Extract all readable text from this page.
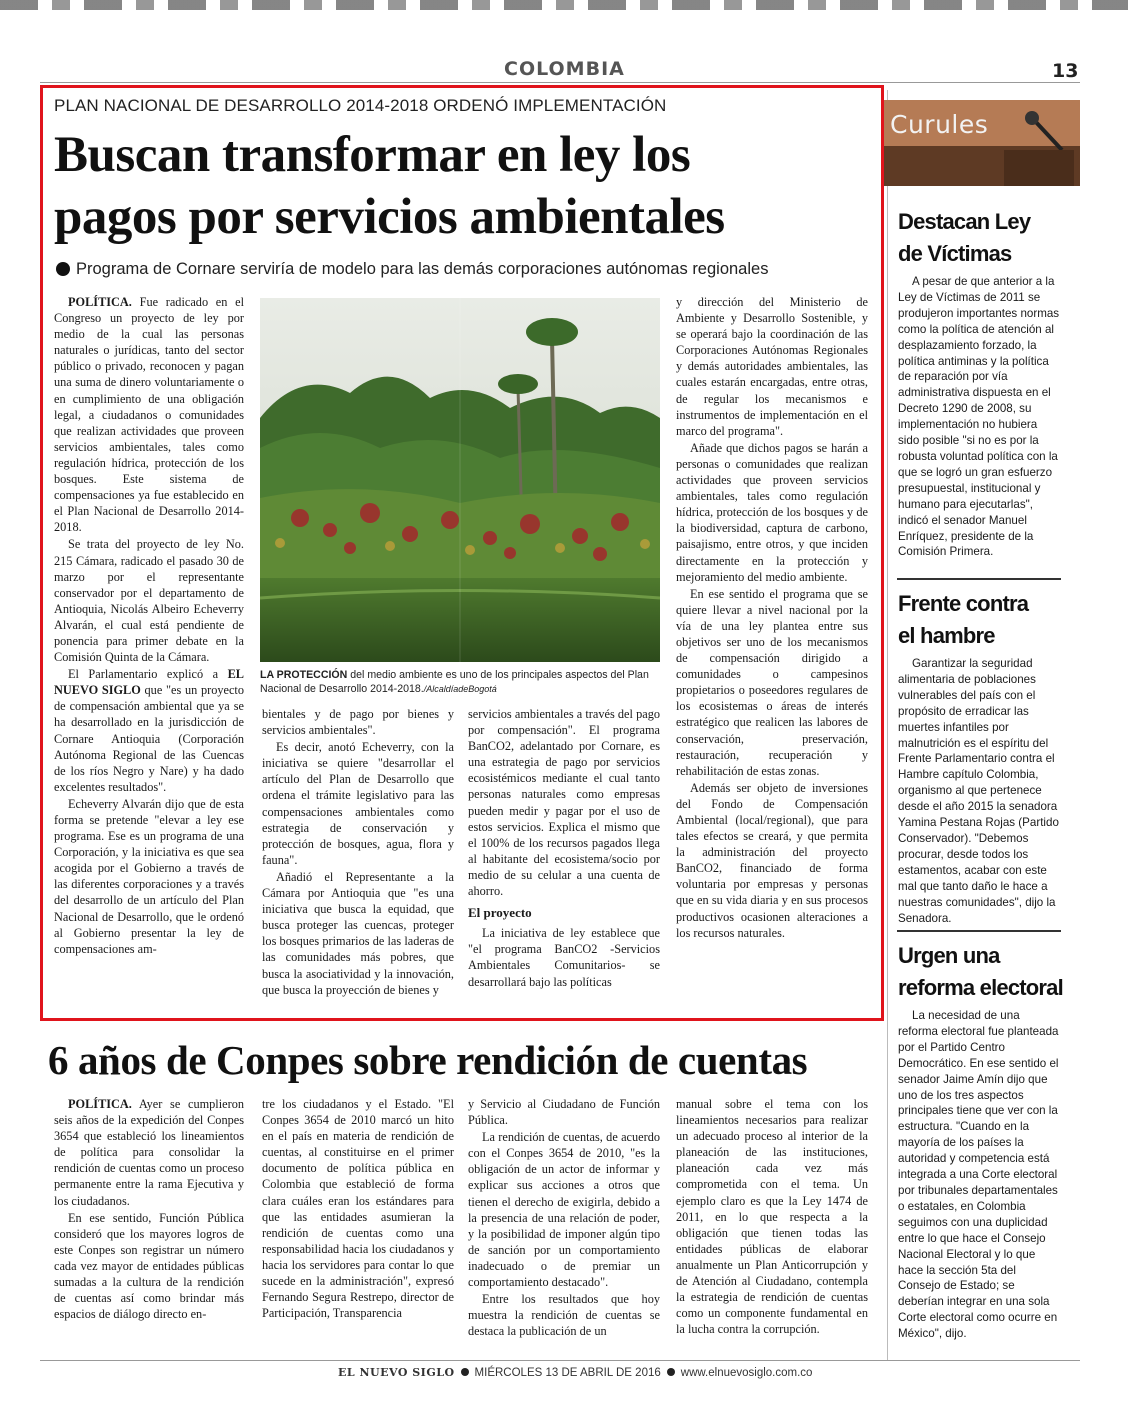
COLOMBIA	13
PLAN NACIONAL DE DESARROLLO 2014-2018 ORDENÓ IMPLEMENTACIÓN
Buscan transformar en ley los
pagos por servicios ambientales
Programa de Cornare serviría de modelo para las demás corporaciones autónomas regionales

POLÍTICA. Fue radicado en el Congreso un proyecto de ley por medio de la cual las personas naturales o jurídicas, tanto del sector público o privado, reconocen y pagan una suma de dinero voluntariamente o en cumplimiento de una obligación legal, a ciudadanos o comunidades que realizan actividades que proveen servicios ambientales, tales como regulación hídrica, protección de los bosques. Este sistema de compensaciones ya fue establecido en el Plan Nacional de Desarrollo 2014-2018.

Se trata del proyecto de ley No. 215 Cámara, radicado el pasado 30 de marzo por el representante conservador por el departamento de Antioquia, Nicolás Albeiro Echeverry Alvarán, el cual está pendiente de ponencia para primer debate en la Comisión Quinta de la Cámara.

El Parlamentario explicó a EL NUEVO SIGLO que "es un proyecto de compensación ambiental que ya se ha desarrollado en la jurisdicción de Cornare Antioquia (Corporación Autónoma Regional de las Cuencas de los ríos Negro y Nare) y ha dado excelentes resultados".

Echeverry Alvarán dijo que de esta forma se pretende "elevar a ley ese programa. Ese es un programa de una Corporación, y la iniciativa es que sea acogida por el Gobierno a través de las diferentes corporaciones y a través del desarrollo de un artículo del Plan Nacional de Desarrollo, que le ordenó al Gobierno presentar la ley de compensaciones am-

LA PROTECCIÓN del medio ambiente es uno de los principales aspectos del Plan Nacional de Desarrollo 2014-2018./AlcaldíadeBogotá

bientales y de pago por bienes y servicios ambientales".

Es decir, anotó Echeverry, con la iniciativa se quiere "desarrollar el artículo del Plan de Desarrollo que ordena el trámite legislativo para las compensaciones ambientales como estrategia de conservación y protección de bosques, agua, flora y fauna".

Añadió el Representante a la Cámara por Antioquia que "es una iniciativa que busca la equidad, que busca proteger las cuencas, proteger los bosques primarios de las laderas de las comunidades más pobres, que busca la asociatividad y la innovación, que busca la proyección de bienes y

servicios ambientales a través del pago por compensación". El programa BanCO2, adelantado por Cornare, es una estrategia de pago por servicios ecosistémicos mediante el cual tanto personas naturales como empresas pueden medir y pagar por el uso de estos servicios. Explica el mismo que el 100% de los recursos pagados llega al habitante del ecosistema/socio por medio de su celular a una cuenta de ahorro.

El proyecto

La iniciativa de ley establece que "el programa BanCO2 -Servicios Ambientales Comunitarios- se desarrollará bajo las políticas

y dirección del Ministerio de Ambiente y Desarrollo Sostenible, y se operará bajo la coordinación de las Corporaciones Autónomas Regionales y demás autoridades ambientales, las cuales estarán encargadas, entre otras, de regular los mecanismos e instrumentos de implementación en el marco del programa".

Añade que dichos pagos se harán a personas o comunidades que realizan actividades que proveen servicios ambientales, tales como regulación hídrica, protección de los bosques y de la biodiversidad, captura de carbono, paisajismo, entre otros, y que inciden directamente en la protección y mejoramiento del medio ambiente.

En ese sentido el programa que se quiere llevar a nivel nacional por la vía de una ley plantea entre sus objetivos ser uno de los mecanismos de compensación dirigido a comunidades o campesinos propietarios o poseedores regulares de los ecosistemas o áreas de interés estratégico que realicen las labores de conservación, preservación, restauración, recuperación y rehabilitación de estas zonas.

Además ser objeto de inversiones del Fondo de Compensación Ambiental (local/regional), que para tales efectos se creará, y que permita la administración del proyecto BanCO2, financiado de forma voluntaria por empresas y personas que en su vida diaria y en sus procesos productivos ocasionen alteraciones a los recursos naturales.

6 años de Conpes sobre rendición de cuentas

POLÍTICA. Ayer se cumplieron seis años de la expedición del Conpes 3654 que estableció los lineamientos de política para consolidar la rendición de cuentas como un proceso permanente entre la rama Ejecutiva y los ciudadanos.

En ese sentido, Función Pública consideró que los mayores logros de este Conpes son registrar un número cada vez mayor de entidades públicas sumadas a la cultura de la rendición de cuentas así como brindar más espacios de diálogo directo en-

tre los ciudadanos y el Estado. "El Conpes 3654 de 2010 marcó un hito en el país en materia de rendición de cuentas, al constituirse en el primer documento de política pública en Colombia que estableció de forma clara cuáles eran los estándares para que las entidades asumieran la rendición de cuentas como una responsabilidad hacia los ciudadanos y hacia los servidores para contar lo que sucede en la administración", expresó Fernando Segura Restrepo, director de Participación, Transparencia

y Servicio al Ciudadano de Función Pública.

La rendición de cuentas, de acuerdo con el Conpes 3654 de 2010, "es la obligación de un actor de informar y explicar sus acciones a otros que tienen el derecho de exigirla, debido a la presencia de una relación de poder, y la posibilidad de imponer algún tipo de sanción por un comportamiento inadecuado o de premiar un comportamiento destacado".

Entre los resultados que hoy muestra la rendición de cuentas se destaca la publicación de un

manual sobre el tema con los lineamientos necesarios para realizar un adecuado proceso al interior de la planeación de las instituciones, planeación cada vez más comprometida con el tema. Un ejemplo claro es que la Ley 1474 de 2011, en lo que respecta a la obligación que tienen todas las entidades públicas de elaborar anualmente un Plan Anticorrupción y de Atención al Ciudadano, contempla la estrategia de rendición de cuentas como un componente fundamental en la lucha contra la corrupción.

Curules
Destacan Ley
de Víctimas

A pesar de que anterior a la Ley de Víctimas de 2011 se produjeron importantes normas como la política de atención al desplazamiento forzado, la política antiminas y la política de reparación por vía administrativa dispuesta en el Decreto 1290 de 2008, su implementación no hubiera sido posible "si no es por la robusta voluntad política con la que se logró un gran esfuerzo presupuestal, institucional y humano para ejecutarlas", indicó el senador Manuel Enríquez, presidente de la Comisión Primera.

Frente contra
el hambre

Garantizar la seguridad alimentaria de poblaciones vulnerables del país con el propósito de erradicar las muertes infantiles por malnutrición es el espíritu del Frente Parlamentario contra el Hambre capítulo Colombia, organismo al que pertenece desde el año 2015 la senadora Yamina Pestana Rojas (Partido Conservador). "Debemos procurar, desde todos los estamentos, acabar con este mal que tanto daño le hace a nuestras comunidades", dijo la Senadora.

Urgen una
reforma electoral

La necesidad de una reforma electoral fue planteada por el Partido Centro Democrático. En ese sentido el senador Jaime Amín dijo que uno de los tres aspectos principales tiene que ver con la estructura. "Cuando en la mayoría de los países la autoridad y competencia está integrada a una Corte electoral por tribunales departamentales o estatales, en Colombia seguimos con una duplicidad entre lo que hace el Consejo Nacional Electoral y lo que hace la sección 5ta del Consejo de Estado; se deberían integrar en una sola Corte electoral como ocurre en México", dijo.

EL NUEVO SIGLO MIÉRCOLES 13 DE ABRIL DE 2016 www.elnuevosiglo.com.co
